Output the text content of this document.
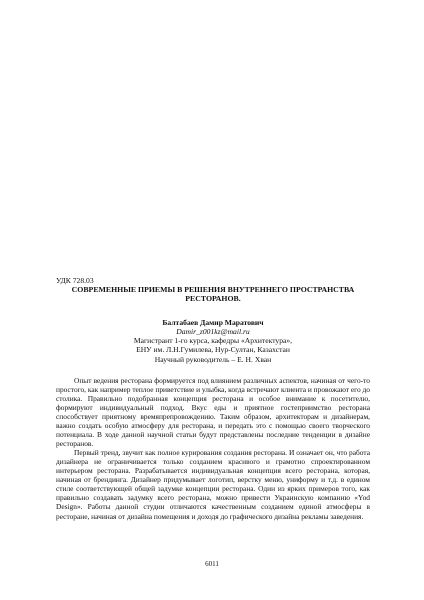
УДК 728.03

СОВРЕМЕННЫЕ ПРИЕМЫ В РЕШЕНИЯ ВНУТРЕННЕГО ПРОСТРАНСТВА РЕСТОРАНОВ.

Балтабаев Дамир Маратович
Damir_z001kz@mail.ru
Магистрант 1-го курса, кафедры «Архитектура»,
ЕНУ им. Л.Н.Гумилева, Нур-Султан, Казахстан
Научный руководитель – Е. Н. Хван

Опыт ведения ресторана формируется под влиянием различных аспектов, начиная от чего-то простого, как например теплое приветствие и улыбка, когда встречают клиента и провожают его до столика. Правильно подобранная концепция ресторана и особое внимание к посетителю, формируют индивидуальный подход. Вкус еды и приятное гостеприимство ресторана способствует приятному времяпрепровождению. Таким образом, архитекторам и дизайнерам, важно создать особую атмосферу для ресторана, и передать это с помощью своего творческого потенциала. В ходе данной научной статьи будут представлены последние тенденции в дизайне ресторанов.

Первый тренд, звучит как полное курирования создания ресторана. И означает он, что работа дизайнера не ограничивается только созданием красивого и грамотно спроектированном интерьером ресторана. Разрабатывается индивидуальная концепция всего ресторана, которая, начиная от брендинга. Дизайнер придумывает логотип, верстку меню, униформу и т.д. в едином стиле соответствующей общей задумке концепции ресторана. Один из ярких примеров того, как правильно создавать задумку всего ресторана, можно привести Украинскую компанию «Yod Design». Работы данной студии отличаются качественным созданием единой атмосферы в ресторане, начиная от дизайна помещения и доходя до графического дизайна рекламы заведения.

6011
